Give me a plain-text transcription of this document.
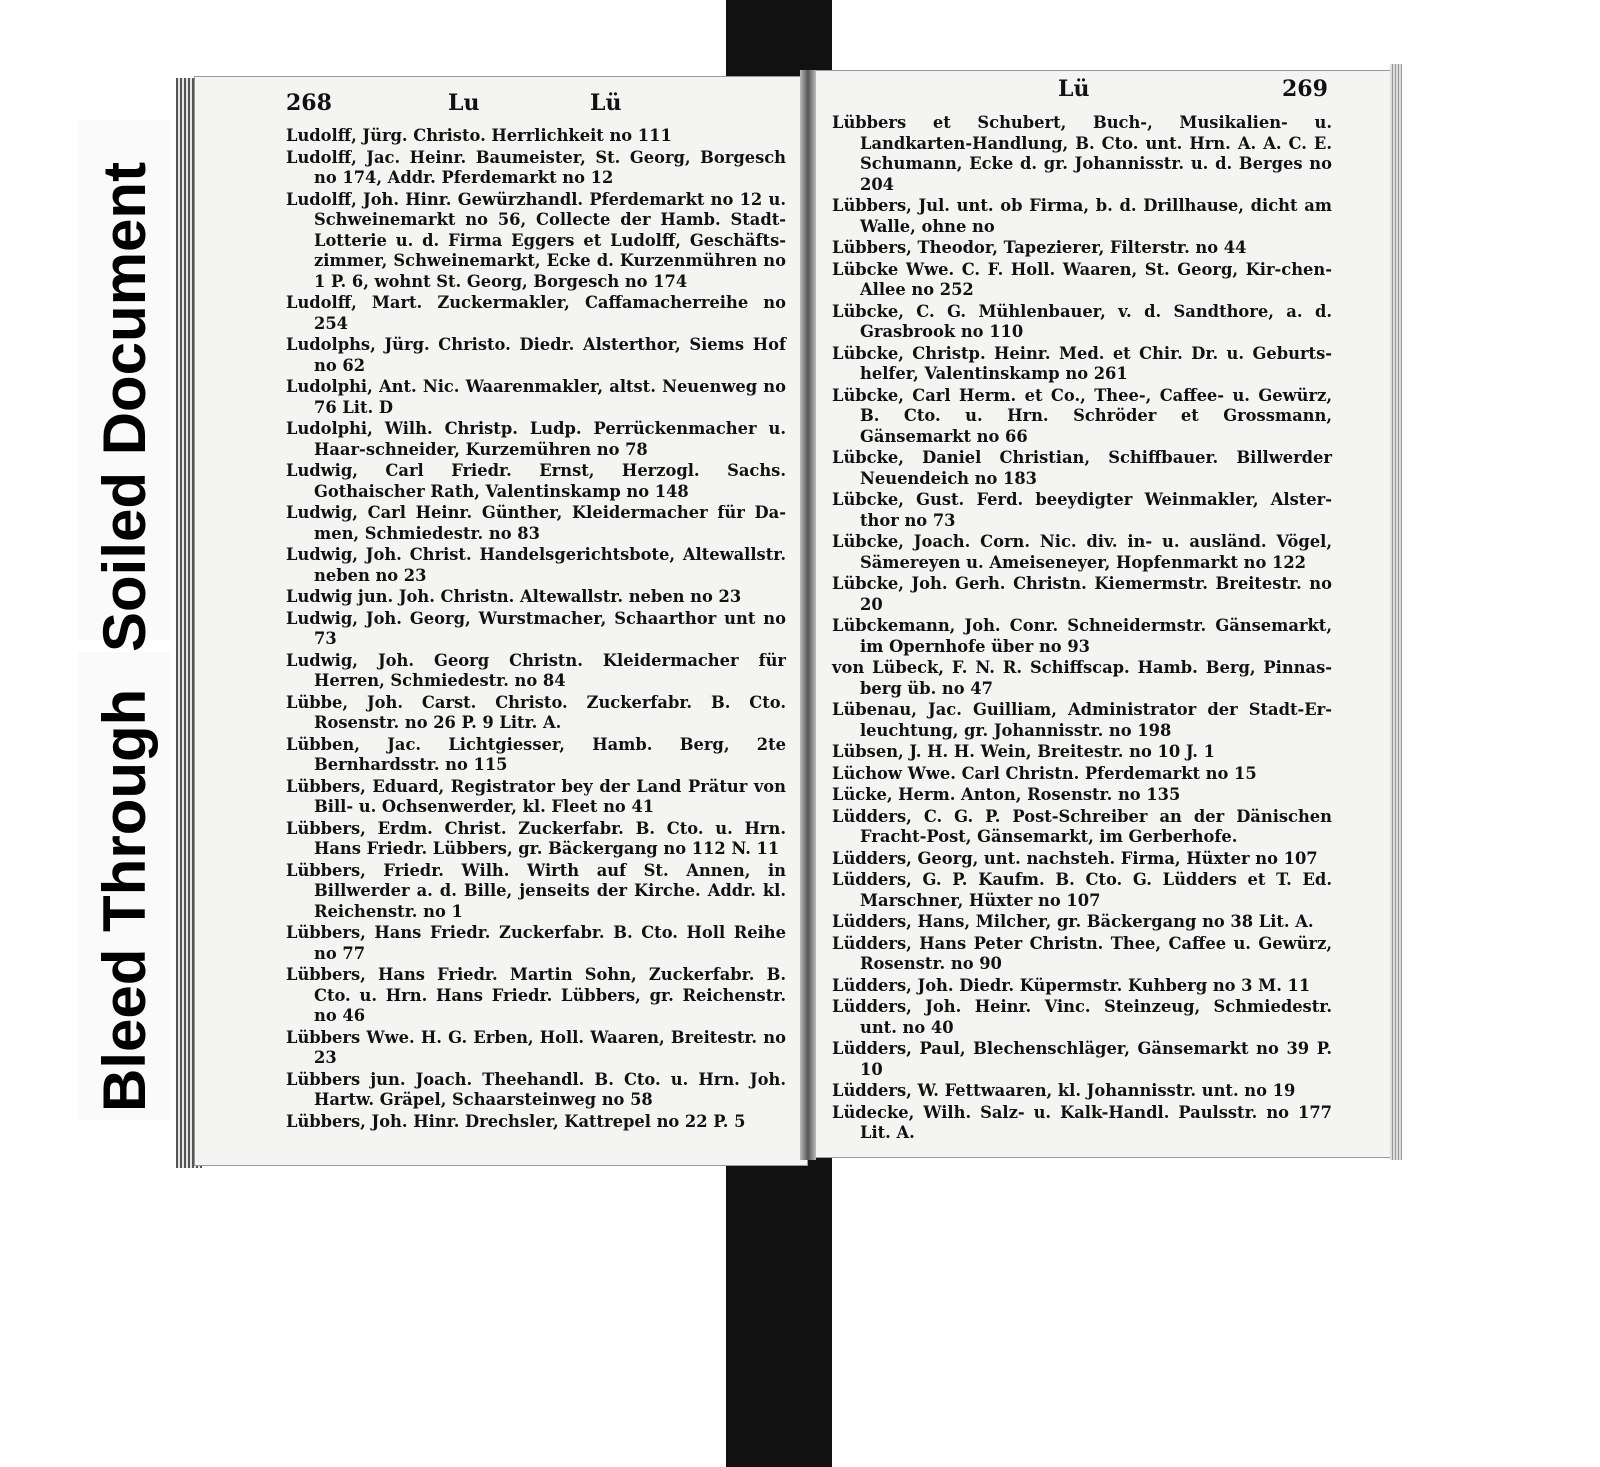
Bleed Through
Soiled Document
268	Lu	Lü
Lü	269
Ludolff, Jürg. Christo. Herrlichkeit no 111
Ludolff, Jac. Heinr. Baumeister, St. Georg, Borgesch no 174, Addr. Pferdemarkt no 12
Ludolff, Joh. Hinr. Gewürzhandl. Pferdemarkt no 12 u. Schweinemarkt no 56, Collecte der Hamb. Stadt-Lotterie u. d. Firma Eggers et Ludolff, Geschäfts-zimmer, Schweinemarkt, Ecke d. Kurzenmühren no 1 P. 6, wohnt St. Georg, Borgesch no 174
Ludolff, Mart. Zuckermakler, Caffamacherreihe no 254
Ludolphs, Jürg. Christo. Diedr. Alsterthor, Siems Hof no 62
Ludolphi, Ant. Nic. Waarenmakler, altst. Neuenweg no 76 Lit. D
Ludolphi, Wilh. Christp. Ludp. Perrückenmacher u. Haar-schneider, Kurzemühren no 78
Ludwig, Carl Friedr. Ernst, Herzogl. Sachs. Gothaischer Rath, Valentinskamp no 148
Ludwig, Carl Heinr. Günther, Kleidermacher für Da-men, Schmiedestr. no 83
Ludwig, Joh. Christ. Handelsgerichtsbote, Altewallstr. neben no 23
Ludwig jun. Joh. Christn. Altewallstr. neben no 23
Ludwig, Joh. Georg, Wurstmacher, Schaarthor unt no 73
Ludwig, Joh. Georg Christn. Kleidermacher für Herren, Schmiedestr. no 84
Lübbe, Joh. Carst. Christo. Zuckerfabr. B. Cto. Rosenstr. no 26 P. 9 Litr. A.
Lübben, Jac. Lichtgiesser, Hamb. Berg, 2te Bernhardsstr. no 115
Lübbers, Eduard, Registrator bey der Land Prätur von Bill- u. Ochsenwerder, kl. Fleet no 41
Lübbers, Erdm. Christ. Zuckerfabr. B. Cto. u. Hrn. Hans Friedr. Lübbers, gr. Bäckergang no 112 N. 11
Lübbers, Friedr. Wilh. Wirth auf St. Annen, in Billwerder a. d. Bille, jenseits der Kirche. Addr. kl. Reichenstr. no 1
Lübbers, Hans Friedr. Zuckerfabr. B. Cto. Holl Reihe no 77
Lübbers, Hans Friedr. Martin Sohn, Zuckerfabr. B. Cto. u. Hrn. Hans Friedr. Lübbers, gr. Reichenstr. no 46
Lübbers Wwe. H. G. Erben, Holl. Waaren, Breitestr. no 23
Lübbers jun. Joach. Theehandl. B. Cto. u. Hrn. Joh. Hartw. Gräpel, Schaarsteinweg no 58
Lübbers, Joh. Hinr. Drechsler, Kattrepel no 22 P. 5
Lübbers et Schubert, Buch-, Musikalien- u. Landkarten-Handlung, B. Cto. unt. Hrn. A. A. C. E. Schumann, Ecke d. gr. Johannisstr. u. d. Berges no 204
Lübbers, Jul. unt. ob Firma, b. d. Drillhause, dicht am Walle, ohne no
Lübbers, Theodor, Tapezierer, Filterstr. no 44
Lübcke Wwe. C. F. Holl. Waaren, St. Georg, Kir-chen-Allee no 252
Lübcke, C. G. Mühlenbauer, v. d. Sandthore, a. d. Grasbrook no 110
Lübcke, Christp. Heinr. Med. et Chir. Dr. u. Geburts-helfer, Valentinskamp no 261
Lübcke, Carl Herm. et Co., Thee-, Caffee- u. Gewürz, B. Cto. u. Hrn. Schröder et Grossmann, Gänsemarkt no 66
Lübcke, Daniel Christian, Schiffbauer. Billwerder Neuendeich no 183
Lübcke, Gust. Ferd. beeydigter Weinmakler, Alster-thor no 73
Lübcke, Joach. Corn. Nic. div. in- u. ausländ. Vögel, Sämereyen u. Ameiseneyer, Hopfenmarkt no 122
Lübcke, Joh. Gerh. Christn. Kiemermstr. Breitestr. no 20
Lübckemann, Joh. Conr. Schneidermstr. Gänsemarkt, im Opernhofe über no 93
von Lübeck, F. N. R. Schiffscap. Hamb. Berg, Pinnas-berg üb. no 47
Lübenau, Jac. Guilliam, Administrator der Stadt-Er-leuchtung, gr. Johannisstr. no 198
Lübsen, J. H. H. Wein, Breitestr. no 10 J. 1
Lüchow Wwe. Carl Christn. Pferdemarkt no 15
Lücke, Herm. Anton, Rosenstr. no 135
Lüdders, C. G. P. Post-Schreiber an der Dänischen Fracht-Post, Gänsemarkt, im Gerberhofe.
Lüdders, Georg, unt. nachsteh. Firma, Hüxter no 107
Lüdders, G. P. Kaufm. B. Cto. G. Lüdders et T. Ed. Marschner, Hüxter no 107
Lüdders, Hans, Milcher, gr. Bäckergang no 38 Lit. A.
Lüdders, Hans Peter Christn. Thee, Caffee u. Gewürz, Rosenstr. no 90
Lüdders, Joh. Diedr. Küpermstr. Kuhberg no 3 M. 11
Lüdders, Joh. Heinr. Vinc. Steinzeug, Schmiedestr. unt. no 40
Lüdders, Paul, Blechenschläger, Gänsemarkt no 39 P. 10
Lüdders, W. Fettwaaren, kl. Johannisstr. unt. no 19
Lüdecke, Wilh. Salz- u. Kalk-Handl. Paulsstr. no 177 Lit. A.
